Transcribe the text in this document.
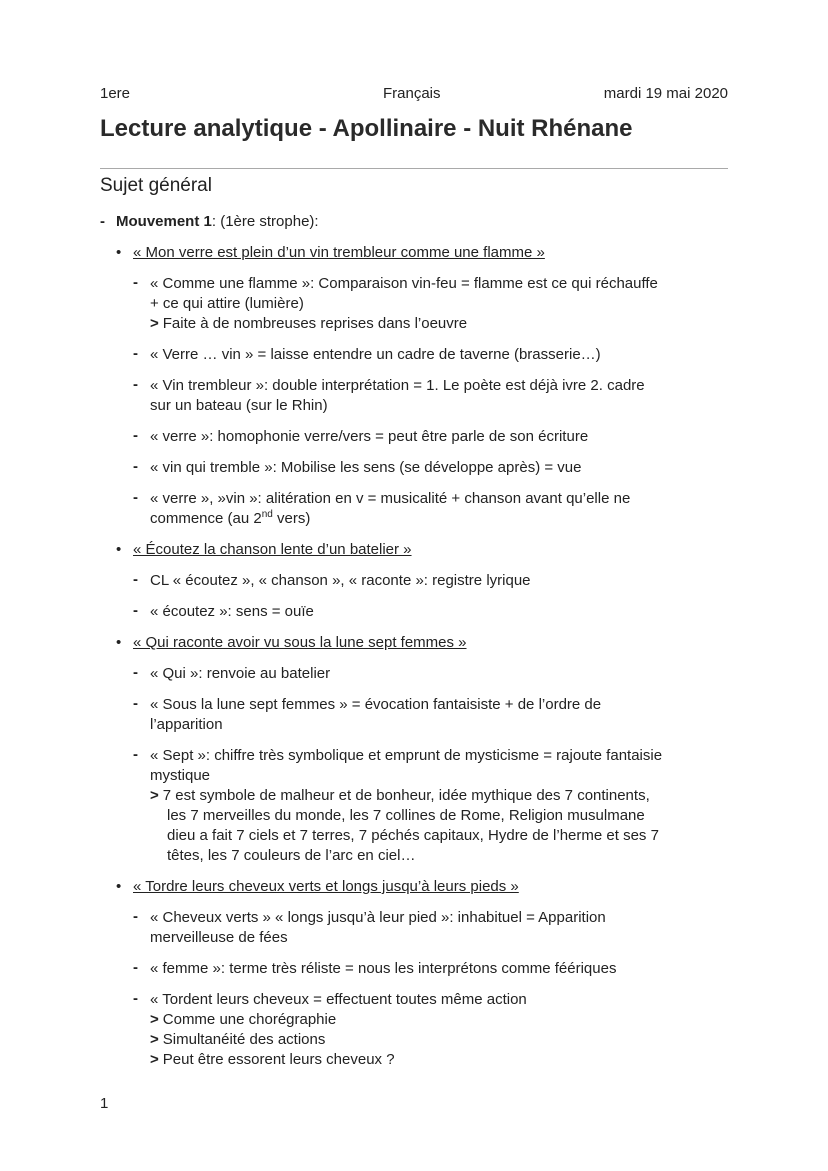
1ere	Français	mardi 19 mai 2020
Lecture analytique - Apollinaire - Nuit Rhénane
Sujet général
- Mouvement 1: (1ère strophe):
• « Mon verre est plein d’un vin trembleur comme une flamme »
- « Comme une flamme »: Comparaison vin-feu = flamme est ce qui réchauffe
+ ce qui attire (lumière)
> Faite à de nombreuses reprises dans l’oeuvre
- « Verre … vin » = laisse entendre un cadre de taverne (brasserie…)
- « Vin trembleur »: double interprétation = 1. Le poète est déjà ivre 2. cadre
sur un bateau (sur le Rhin)
- « verre »: homophonie verre/vers = peut être parle de son écriture
- « vin qui tremble »: Mobilise les sens (se développe après) = vue
- « verre », »vin »: alitération en v = musicalité + chanson avant qu’elle ne
commence (au 2nd vers)
• « Écoutez la chanson lente d’un batelier »
- CL « écoutez », « chanson », « raconte »: registre lyrique
- « écoutez »: sens = ouïe
• « Qui raconte avoir vu sous la lune sept femmes »
- « Qui »: renvoie au batelier
- « Sous la lune sept femmes » = évocation fantaisiste + de l’ordre de
l’apparition
- « Sept »: chiffre très symbolique et emprunt de mysticisme = rajoute fantaisie
mystique
> 7 est symbole de malheur et de bonheur, idée mythique des 7 continents,
les 7 merveilles du monde, les 7 collines de Rome, Religion musulmane
dieu a fait 7 ciels et 7 terres, 7 péchés capitaux, Hydre de l’herme et ses 7
têtes, les 7 couleurs de l’arc en ciel…
• « Tordre leurs cheveux verts et longs jusqu’à leurs pieds »
- « Cheveux verts » « longs jusqu’à leur pied »: inhabituel = Apparition
merveilleuse de fées
- « femme »: terme très réliste = nous les interprétons comme féériques
- « Tordent leurs cheveux = effectuent toutes même action
> Comme une chorégraphie
> Simultanéité des actions
> Peut être essorent leurs cheveux ?
1
